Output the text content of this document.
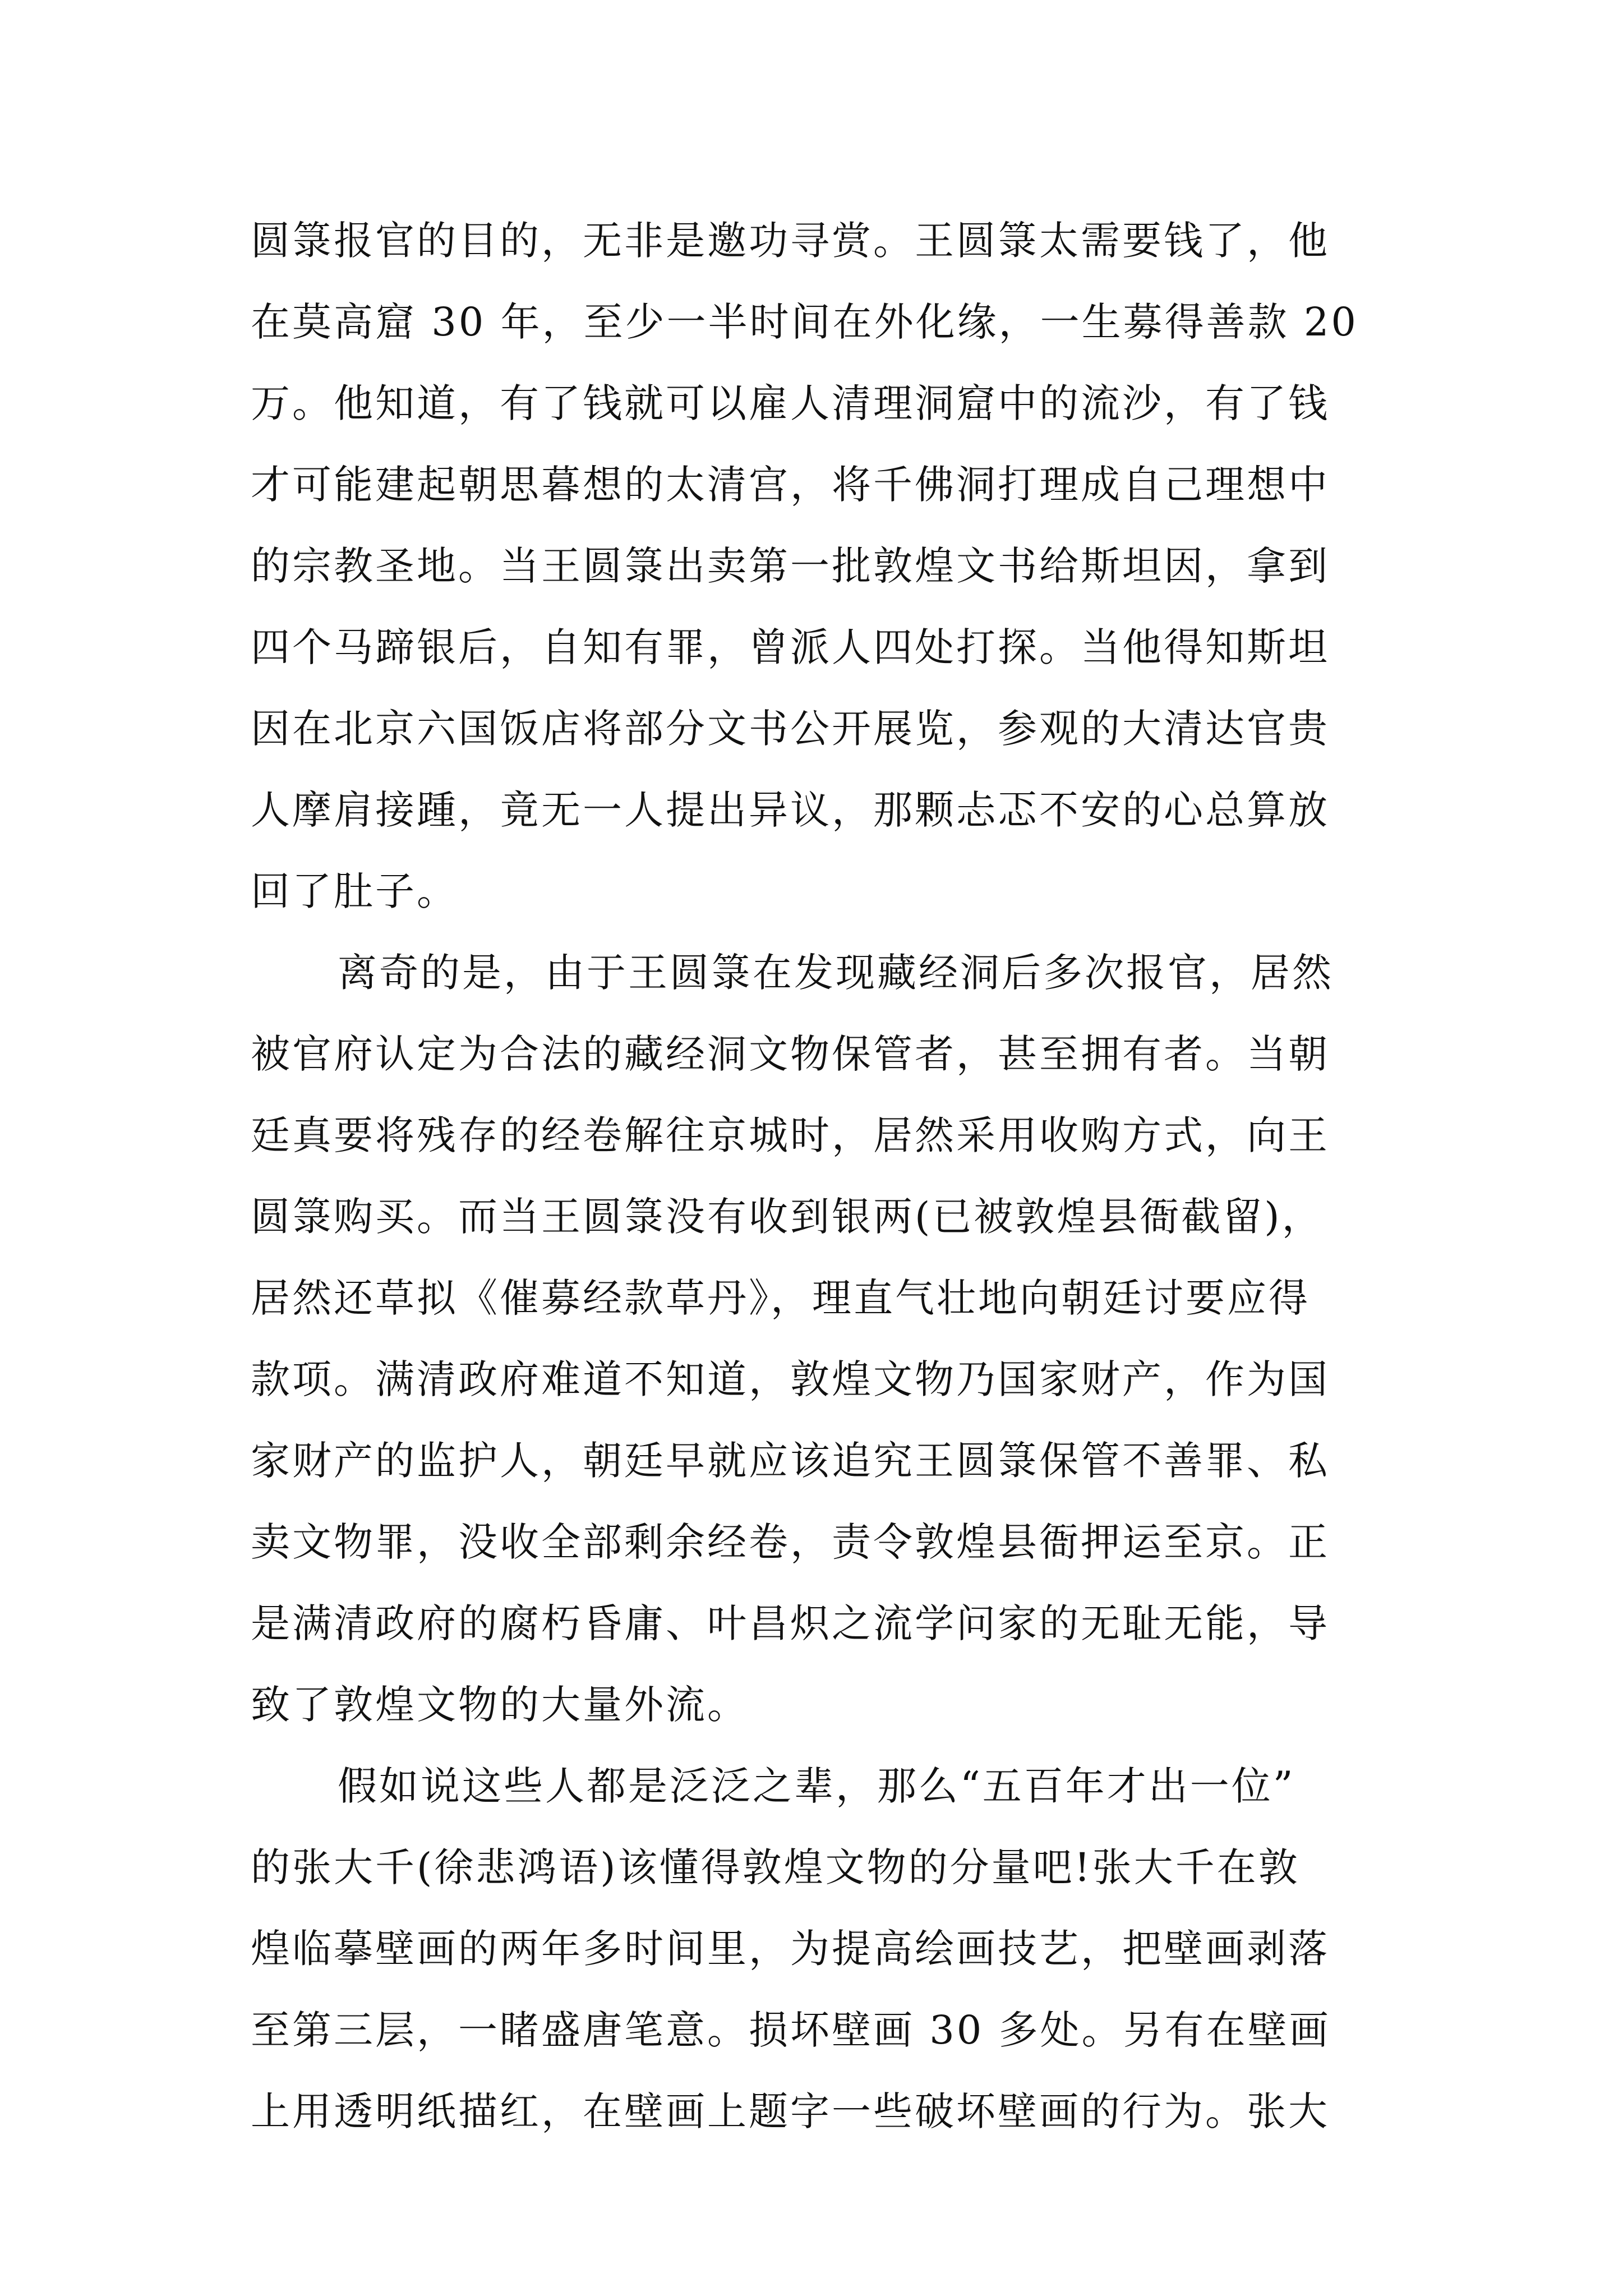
圆箓报官的目的，无非是邀功寻赏。王圆箓太需要钱了，他
在莫高窟 30 年，至少一半时间在外化缘，一生募得善款 20
万。他知道，有了钱就可以雇人清理洞窟中的流沙，有了钱
才可能建起朝思暮想的太清宫，将千佛洞打理成自己理想中
的宗教圣地。当王圆箓出卖第一批敦煌文书给斯坦因，拿到
四个马蹄银后，自知有罪，曾派人四处打探。当他得知斯坦
因在北京六国饭店将部分文书公开展览，参观的大清达官贵
人摩肩接踵，竟无一人提出异议，那颗忐忑不安的心总算放
回了肚子。
离奇的是，由于王圆箓在发现藏经洞后多次报官，居然
被官府认定为合法的藏经洞文物保管者，甚至拥有者。当朝
廷真要将残存的经卷解往京城时，居然采用收购方式，向王
圆箓购买。而当王圆箓没有收到银两(已被敦煌县衙截留)，
居然还草拟《催募经款草丹》，理直气壮地向朝廷讨要应得
款项。满清政府难道不知道，敦煌文物乃国家财产，作为国
家财产的监护人，朝廷早就应该追究王圆箓保管不善罪、私
卖文物罪，没收全部剩余经卷，责令敦煌县衙押运至京。正
是满清政府的腐朽昏庸、叶昌炽之流学问家的无耻无能，导
致了敦煌文物的大量外流。
假如说这些人都是泛泛之辈，那么“五百年才出一位”
的张大千(徐悲鸿语)该懂得敦煌文物的分量吧!张大千在敦
煌临摹壁画的两年多时间里，为提高绘画技艺，把壁画剥落
至第三层，一睹盛唐笔意。损坏壁画 30 多处。另有在壁画
上用透明纸描红，在壁画上题字一些破坏壁画的行为。张大
